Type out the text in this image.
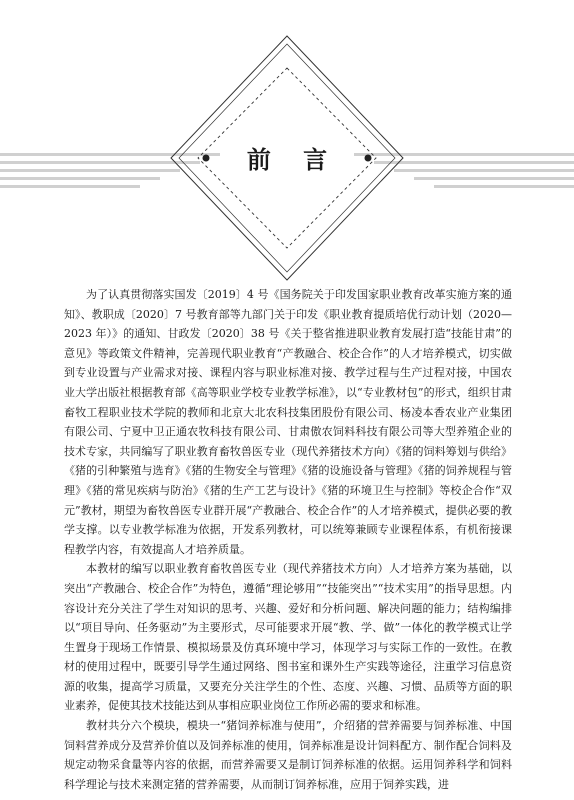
前 言

为了认真贯彻落实国发〔2019〕4 号《国务院关于印发国家职业教育改革实施方案的通知》、教职成〔2020〕7 号教育部等九部门关于印发《职业教育提质培优行动计划（2020—2023 年）》的通知、甘政发〔2020〕38 号《关于整省推进职业教育发展打造“技能甘肃”的意见》等政策文件精神，完善现代职业教育“产教融合、校企合作”的人才培养模式，切实做到专业设置与产业需求对接、课程内容与职业标准对接、教学过程与生产过程对接，中国农业大学出版社根据教育部《高等职业学校专业教学标准》，以“专业教材包”的形式，组织甘肃畜牧工程职业技术学院的教师和北京大北农科技集团股份有限公司、杨凌本香农业产业集团有限公司、宁夏中卫正通农牧科技有限公司、甘肃傲农饲料科技有限公司等大型养殖企业的技术专家，共同编写了职业教育畜牧兽医专业（现代养猪技术方向）《猪的饲料筹划与供给》《猪的引种繁殖与选育》《猪的生物安全与管理》《猪的设施设备与管理》《猪的饲养规程与管理》《猪的常见疾病与防治》《猪的生产工艺与设计》《猪的环境卫生与控制》等校企合作“双元”教材，期望为畜牧兽医专业群开展“产教融合、校企合作”的人才培养模式，提供必要的教学支撑。以专业教学标准为依据，开发系列教材，可以统筹兼顾专业课程体系，有机衔接课程教学内容，有效提高人才培养质量。

本教材的编写以职业教育畜牧兽医专业（现代养猪技术方向）人才培养方案为基础，以突出“产教融合、校企合作”为特色，遵循“理论够用”“技能突出”“技术实用”的指导思想。内容设计充分关注了学生对知识的思考、兴趣、爱好和分析问题、解决问题的能力；结构编排以“项目导向、任务驱动”为主要形式，尽可能要求开展“教、学、做”一体化的教学模式让学生置身于现场工作情景、模拟场景及仿真环境中学习，体现学习与实际工作的一致性。在教材的使用过程中，既要引导学生通过网络、图书室和课外生产实践等途径，注重学习信息资源的收集，提高学习质量，又要充分关注学生的个性、态度、兴趣、习惯、品质等方面的职业素养，促使其技术技能达到从事相应职业岗位工作所必需的要求和标准。

教材共分六个模块，模块一“猪饲养标准与使用”，介绍猪的营养需要与饲养标准、中国饲料营养成分及营养价值以及饲养标准的使用，饲养标准是设计饲料配方、制作配合饲料及规定动物采食量等内容的依据，而营养需要又是制订饲养标准的依据。运用饲养科学和饲料科学理论与技术来测定猪的营养需要，从而制订饲养标准，应用于饲养实践，进
